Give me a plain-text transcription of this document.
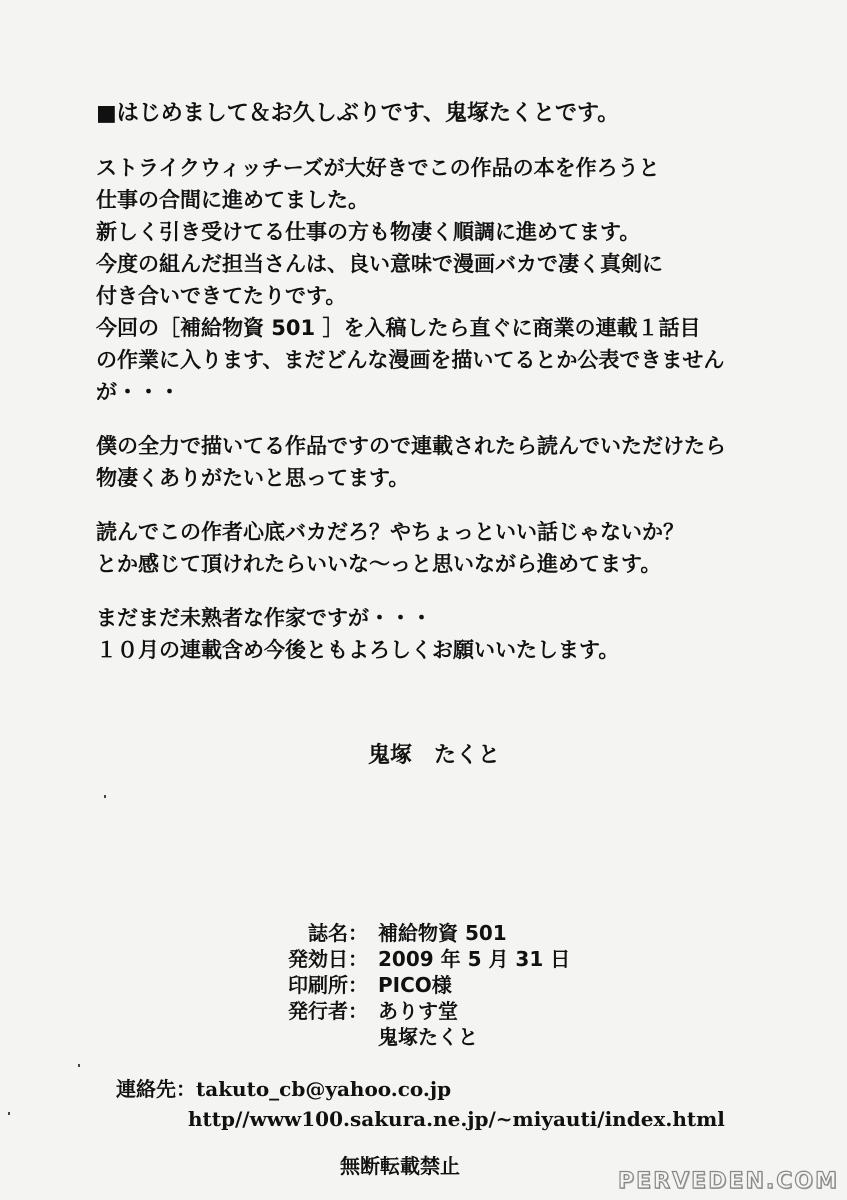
■はじめまして＆お久しぶりです、鬼塚たくとです。
ストライクウィッチーズが大好きでこの作品の本を作ろうと
仕事の合間に進めてました。
新しく引き受けてる仕事の方も物凄く順調に進めてます。
今度の組んだ担当さんは、良い意味で漫画バカで凄く真剣に
付き合いできてたりです。
今回の［補給物資 501 ］を入稿したら直ぐに商業の連載１話目
の作業に入ります、まだどんな漫画を描いてるとか公表できません
が・・・
僕の全力で描いてる作品ですので連載されたら読んでいただけたら
物凄くありがたいと思ってます。
読んでこの作者心底バカだろ？やちょっといい話じゃないか？
とか感じて頂けれたらいいな〜っと思いながら進めてます。
まだまだ未熟者な作家ですが・・・
１０月の連載含め今後ともよろしくお願いいたします。
鬼塚　たくと
誌名： 補給物資 501
発効日： 2009 年 5 月 31 日
印刷所： PICO様
発行者： ありす堂
鬼塚たくと
連絡先：takuto_cb@yahoo.co.jp
http//www100.sakura.ne.jp/~miyauti/index.html
無断転載禁止
PERVEDEN.COM
